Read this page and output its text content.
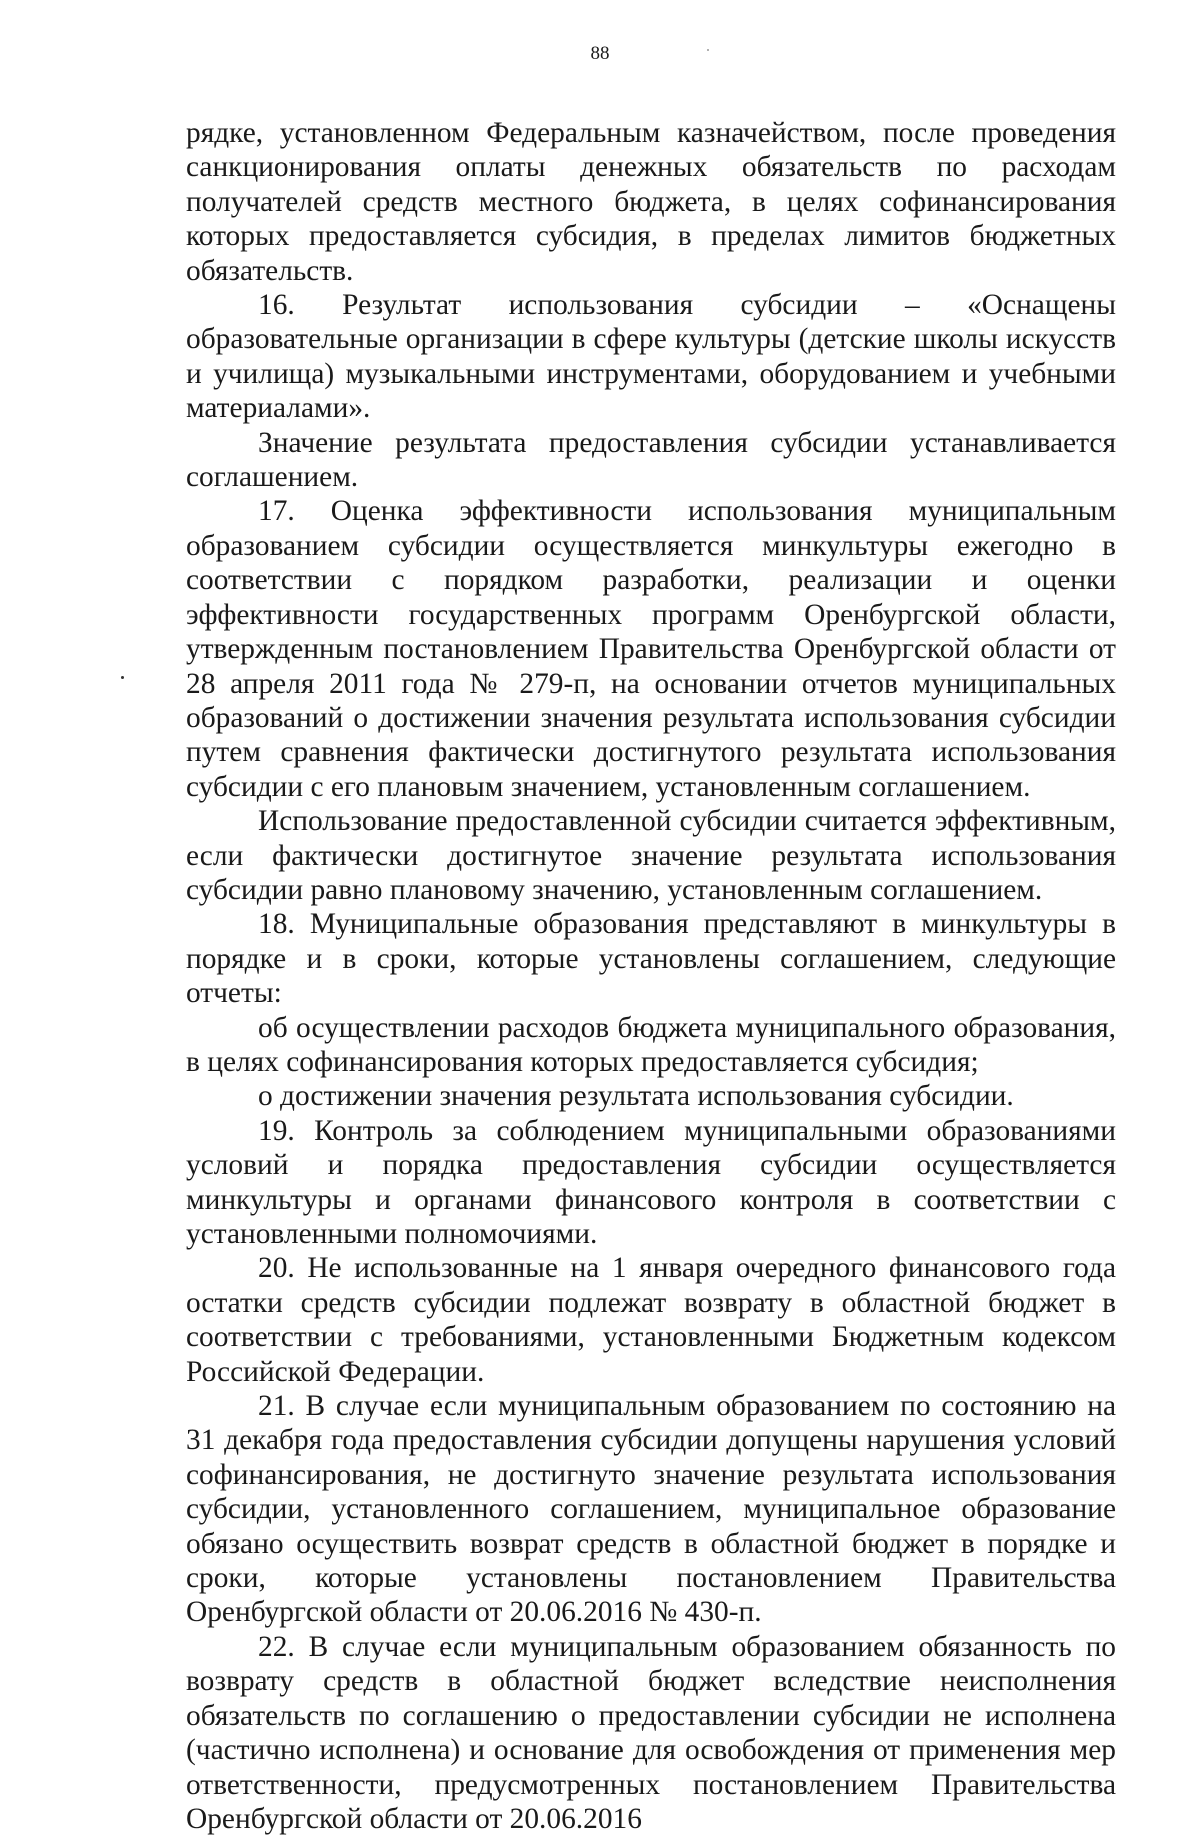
88

рядке, установленном Федеральным казначейством, после проведения санкционирования оплаты денежных обязательств по расходам получателей средств местного бюджета, в целях софинансирования которых предоставляется субсидия, в пределах лимитов бюджетных обязательств.

16. Результат использования субсидии – «Оснащены образовательные организации в сфере культуры (детские школы искусств и училища) музыкальными инструментами, оборудованием и учебными материалами».

Значение результата предоставления субсидии устанавливается соглашением.

17. Оценка эффективности использования муниципальным образованием субсидии осуществляется минкультуры ежегодно в соответствии с порядком разработки, реализации и оценки эффективности государственных программ Оренбургской области, утвержденным постановлением Правительства Оренбургской области от 28 апреля 2011 года № 279-п, на основании отчетов муниципальных образований о достижении значения результата использования субсидии путем сравнения фактически достигнутого результата использования субсидии с его плановым значением, установленным соглашением.

Использование предоставленной субсидии считается эффективным, если фактически достигнутое значение результата использования субсидии равно плановому значению, установленным соглашением.

18. Муниципальные образования представляют в минкультуры в порядке и в сроки, которые установлены соглашением, следующие отчеты:

об осуществлении расходов бюджета муниципального образования, в целях софинансирования которых предоставляется субсидия;

о достижении значения результата использования субсидии.

19. Контроль за соблюдением муниципальными образованиями условий и порядка предоставления субсидии осуществляется минкультуры и органами финансового контроля в соответствии с установленными полномочиями.

20. Не использованные на 1 января очередного финансового года остатки средств субсидии подлежат возврату в областной бюджет в соответствии с требованиями, установленными Бюджетным кодексом Российской Федерации.

21. В случае если муниципальным образованием по состоянию на 31 декабря года предоставления субсидии допущены нарушения условий софинансирования, не достигнуто значение результата использования субсидии, установленного соглашением, муниципальное образование обязано осуществить возврат средств в областной бюджет в порядке и сроки, которые установлены постановлением Правительства Оренбургской области от 20.06.2016 № 430-п.

22. В случае если муниципальным образованием обязанность по возврату средств в областной бюджет вследствие неисполнения обязательств по соглашению о предоставлении субсидии не исполнена (частично исполнена) и основание для освобождения от применения мер ответственности, предусмотренных постановлением Правительства Оренбургской области от 20.06.2016
